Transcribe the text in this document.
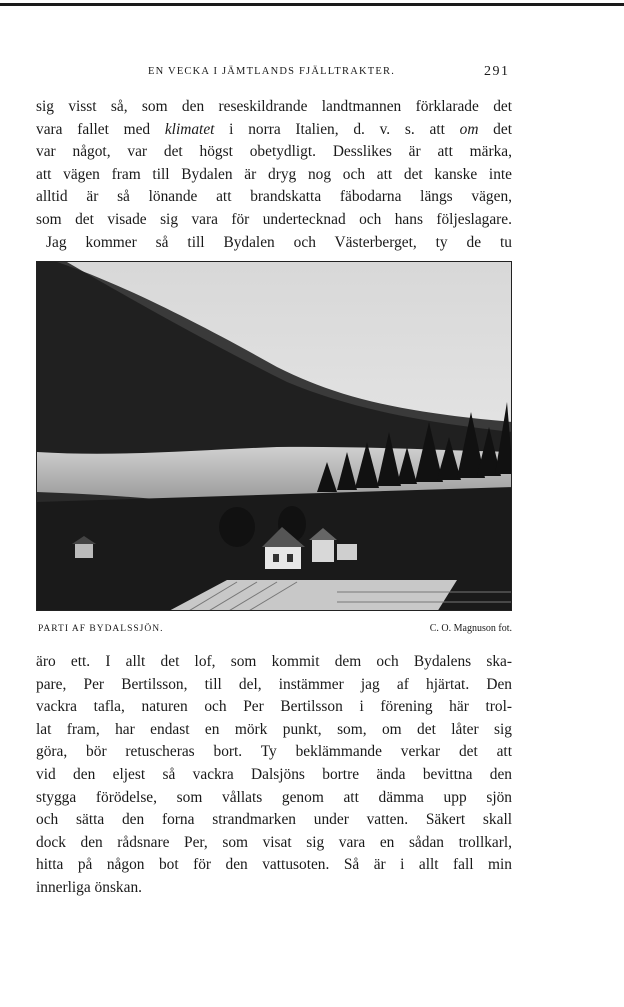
EN VECKA I JÄMTLANDS FJÄLLTRAKTER.	291
sig visst så, som den reseskildrande landtmannen förklarade det
vara fallet med klimatet i norra Italien, d. v. s. att om det
var något, var det högst obetydligt. Desslikes är att märka,
att vägen fram till Bydalen är dryg nog och att det kanske inte
alltid är så lönande att brandskatta fäbodarna längs vägen,
som det visade sig vara för undertecknad och hans följeslagare.
Jag kommer så till Bydalen och Västerberget, ty de tu
PARTI AF BYDALSSJÖN.	C. O. Magnuson fot.
äro ett. I allt det lof, som kommit dem och Bydalens ska-
pare, Per Bertilsson, till del, instämmer jag af hjärtat. Den
vackra tafla, naturen och Per Bertilsson i förening här trol-
lat fram, har endast en mörk punkt, som, om det låter sig
göra, bör retuscheras bort. Ty beklämmande verkar det att
vid den eljest så vackra Dalsjöns bortre ända bevittna den
stygga förödelse, som vållats genom att dämma upp sjön
och sätta den forna strandmarken under vatten. Säkert skall
dock den rådsnare Per, som visat sig vara en sådan trollkarl,
hitta på någon bot för den vattusoten. Så är i allt fall min
innerliga önskan.
